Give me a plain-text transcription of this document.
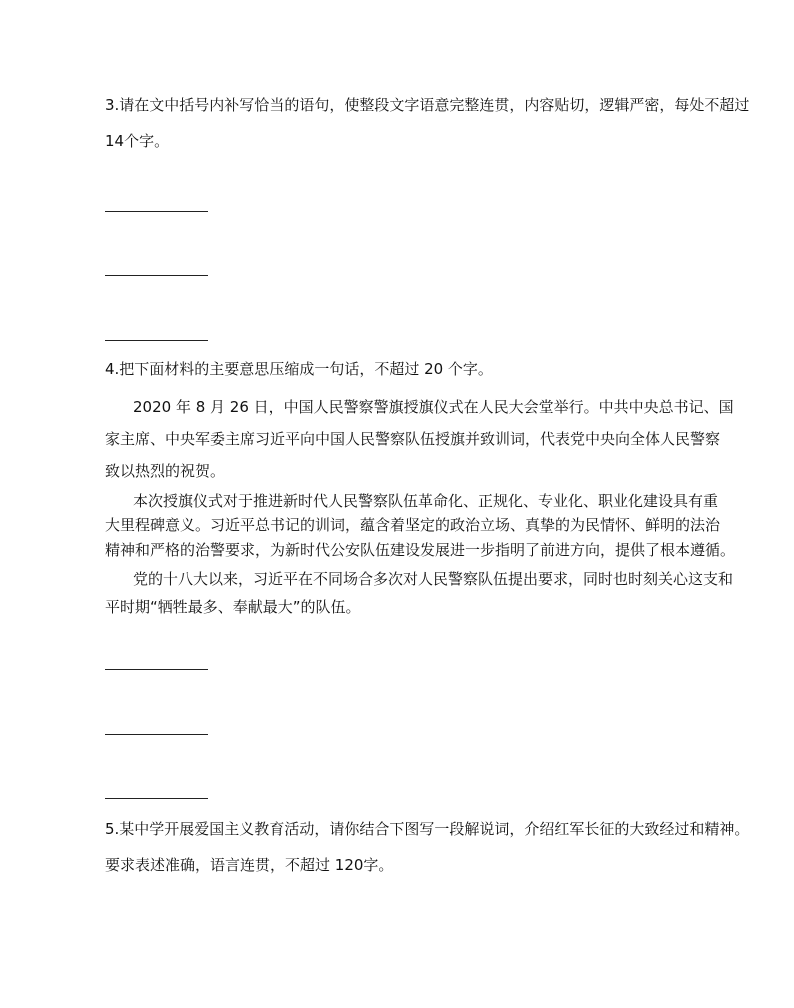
3.请在文中括号内补写恰当的语句，使整段文字语意完整连贯，内容贴切，逻辑严密，每处不超过
14个字。
4.把下面材料的主要意思压缩成一句话，不超过 20 个字。
2020 年 8 月 26 日，中国人民警察警旗授旗仪式在人民大会堂举行。中共中央总书记、国
家主席、中央军委主席习近平向中国人民警察队伍授旗并致训词，代表党中央向全体人民警察
致以热烈的祝贺。
本次授旗仪式对于推进新时代人民警察队伍革命化、正规化、专业化、职业化建设具有重
大里程碑意义。习近平总书记的训词，蕴含着坚定的政治立场、真挚的为民情怀、鲜明的法治
精神和严格的治警要求，为新时代公安队伍建设发展进一步指明了前进方向，提供了根本遵循。
党的十八大以来，习近平在不同场合多次对人民警察队伍提出要求，同时也时刻关心这支和
平时期“牺牲最多、奉献最大”的队伍。
5.某中学开展爱国主义教育活动，请你结合下图写一段解说词，介绍红军长征的大致经过和精神。
要求表述准确，语言连贯，不超过 120字。
